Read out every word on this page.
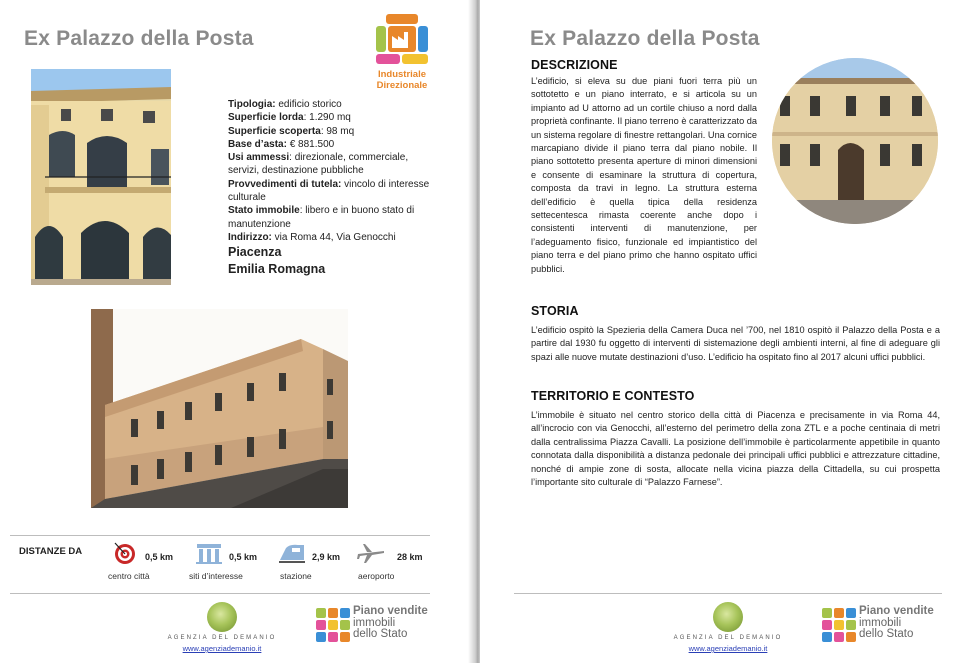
Ex Palazzo della Posta
Industriale
Direzionale

Tipologia: edificio storico

Superficie lorda: 1.290 mq

Superficie scoperta: 98 mq

Base d’asta: € 881.500

Usi ammessi: direzionale, commerciale, servizi, destinazione pubbliche

Provvedimenti di tutela: vincolo di interesse culturale

Stato immobile: libero e in buono stato di manutenzione

Indirizzo: via Roma 44, Via Genocchi

Piacenza

Emilia Romagna

DISTANZE DA	0,5 km
centro città
0,5 km
siti d’interesse
2,9 km
stazione
28 km
aeroporto
AGENZIA DEL DEMANIO
www.agenziademanio.it
Piano vendite
immobili
dello Stato
Ex Palazzo della Posta
DESCRIZIONE
L’edificio, si eleva su due piani fuori terra più un sottotetto e un piano interrato, e si articola su un impianto ad U attorno ad un cortile chiuso a nord dalla proprietà confinante. Il piano terreno è caratterizzato da un sistema regolare di finestre rettangolari. Una cornice marcapiano divide il piano terra dal piano nobile. Il piano sottotetto presenta aperture di minori dimensioni e consente di esaminare la struttura di copertura, composta da travi in legno. La struttura esterna dell’edificio è quella tipica della residenza settecentesca rimasta coerente anche dopo i consistenti interventi di manutenzione, per l’adeguamento fisico, funzionale ed impiantistico del piano terra e del piano primo che hanno ospitato uffici pubblici.
STORIA
L’edificio ospitò la Spezieria della Camera Duca nel ’700, nel 1810 ospitò il Palazzo della Posta e a partire dal 1930 fu oggetto di interventi di sistemazione degli ambienti interni, al fine di adeguare gli spazi alle nuove mutate destinazioni d’uso. L’edificio ha ospitato fino al 2017 alcuni uffici pubblici.
TERRITORIO E CONTESTO
L’immobile è situato nel centro storico della città di Piacenza e precisamente in via Roma 44, all’incrocio con via Genocchi, all’esterno del perimetro della zona ZTL e a poche centinaia di metri dalla centralissima Piazza Cavalli. La posizione dell’immobile è particolarmente appetibile in quanto connotata dalla disponibilità a distanza pedonale dei principali uffici pubblici e attrezzature cittadine, nonché di ampie zone di sosta, allocate nella vicina piazza della Cittadella, su cui prospetta l’importante sito culturale di “Palazzo Farnese”.
AGENZIA DEL DEMANIO
www.agenziademanio.it
Piano vendite
immobili
dello Stato
